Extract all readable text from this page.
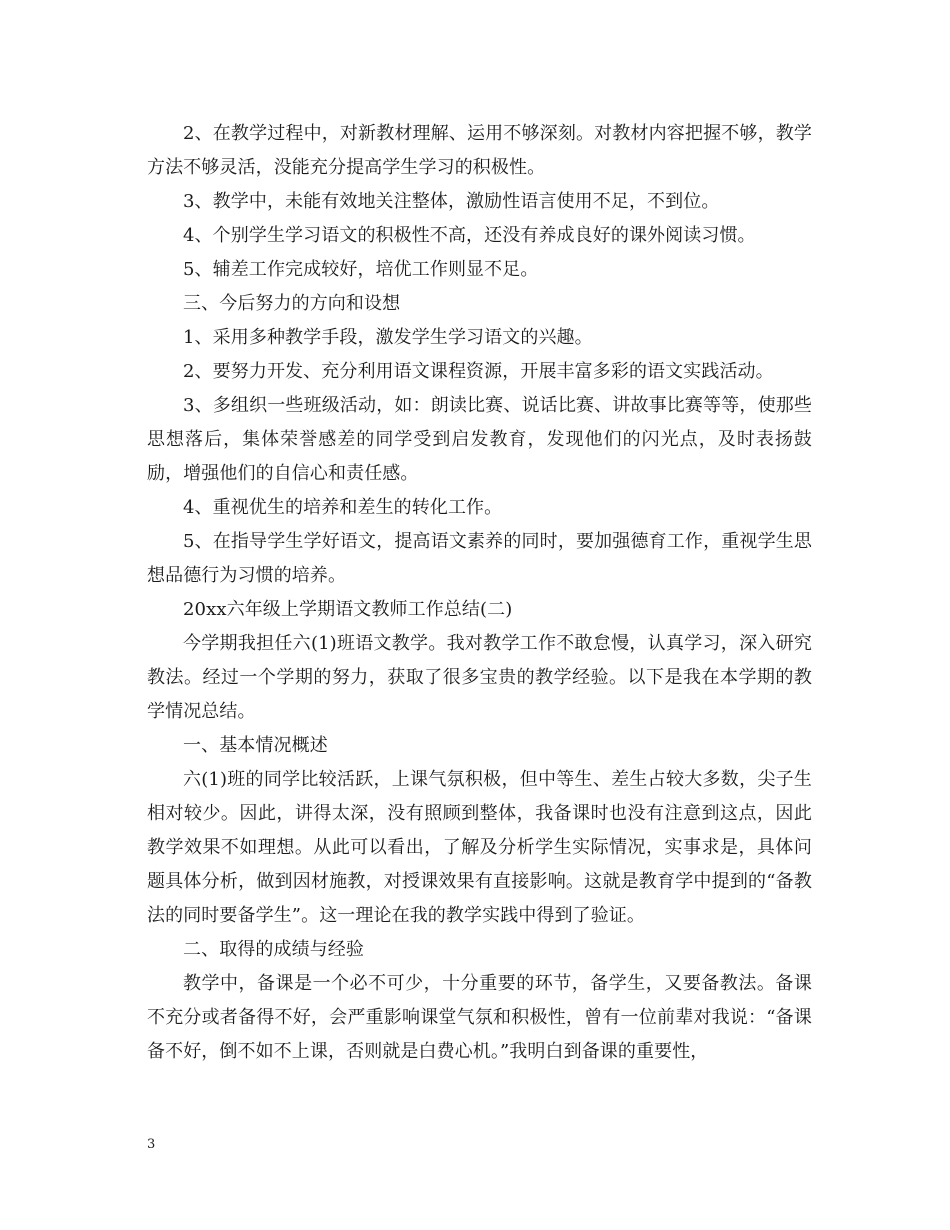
2、在教学过程中，对新教材理解、运用不够深刻。对教材内容把握不够，教学方法不够灵活，没能充分提高学生学习的积极性。

3、教学中，未能有效地关注整体，激励性语言使用不足，不到位。

4、个别学生学习语文的积极性不高，还没有养成良好的课外阅读习惯。

5、辅差工作完成较好，培优工作则显不足。

三、今后努力的方向和设想

1、采用多种教学手段，激发学生学习语文的兴趣。

2、要努力开发、充分利用语文课程资源，开展丰富多彩的语文实践活动。

3、多组织一些班级活动，如：朗读比赛、说话比赛、讲故事比赛等等，使那些思想落后，集体荣誉感差的同学受到启发教育，发现他们的闪光点，及时表扬鼓励，增强他们的自信心和责任感。

4、重视优生的培养和差生的转化工作。

5、在指导学生学好语文，提高语文素养的同时，要加强德育工作，重视学生思想品德行为习惯的培养。

20xx六年级上学期语文教师工作总结(二)

今学期我担任六(1)班语文教学。我对教学工作不敢怠慢，认真学习，深入研究教法。经过一个学期的努力，获取了很多宝贵的教学经验。以下是我在本学期的教学情况总结。

一、基本情况概述

六(1)班的同学比较活跃，上课气氛积极，但中等生、差生占较大多数，尖子生相对较少。因此，讲得太深，没有照顾到整体，我备课时也没有注意到这点，因此教学效果不如理想。从此可以看出，了解及分析学生实际情况，实事求是，具体问题具体分析，做到因材施教，对授课效果有直接影响。这就是教育学中提到的“备教法的同时要备学生”。这一理论在我的教学实践中得到了验证。

二、取得的成绩与经验

教学中，备课是一个必不可少，十分重要的环节，备学生，又要备教法。备课不充分或者备得不好，会严重影响课堂气氛和积极性，曾有一位前辈对我说：“备课备不好，倒不如不上课，否则就是白费心机。”我明白到备课的重要性，

3
